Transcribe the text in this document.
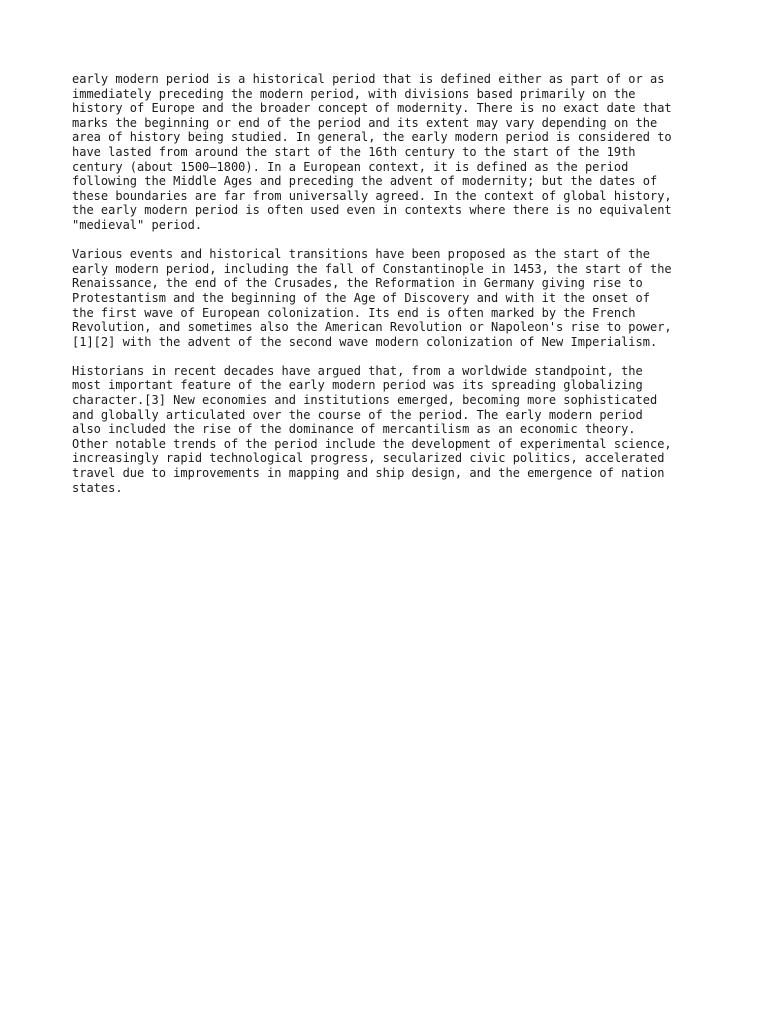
early modern period is a historical period that is defined either as part of or as
immediately preceding the modern period, with divisions based primarily on the
history of Europe and the broader concept of modernity. There is no exact date that
marks the beginning or end of the period and its extent may vary depending on the
area of history being studied. In general, the early modern period is considered to
have lasted from around the start of the 16th century to the start of the 19th
century (about 1500–1800). In a European context, it is defined as the period
following the Middle Ages and preceding the advent of modernity; but the dates of
these boundaries are far from universally agreed. In the context of global history,
the early modern period is often used even in contexts where there is no equivalent
"medieval" period.

Various events and historical transitions have been proposed as the start of the
early modern period, including the fall of Constantinople in 1453, the start of the
Renaissance, the end of the Crusades, the Reformation in Germany giving rise to
Protestantism and the beginning of the Age of Discovery and with it the onset of
the first wave of European colonization. Its end is often marked by the French
Revolution, and sometimes also the American Revolution or Napoleon's rise to power,
[1][2] with the advent of the second wave modern colonization of New Imperialism.

Historians in recent decades have argued that, from a worldwide standpoint, the
most important feature of the early modern period was its spreading globalizing
character.[3] New economies and institutions emerged, becoming more sophisticated
and globally articulated over the course of the period. The early modern period
also included the rise of the dominance of mercantilism as an economic theory.
Other notable trends of the period include the development of experimental science,
increasingly rapid technological progress, secularized civic politics, accelerated
travel due to improvements in mapping and ship design, and the emergence of nation
states.
